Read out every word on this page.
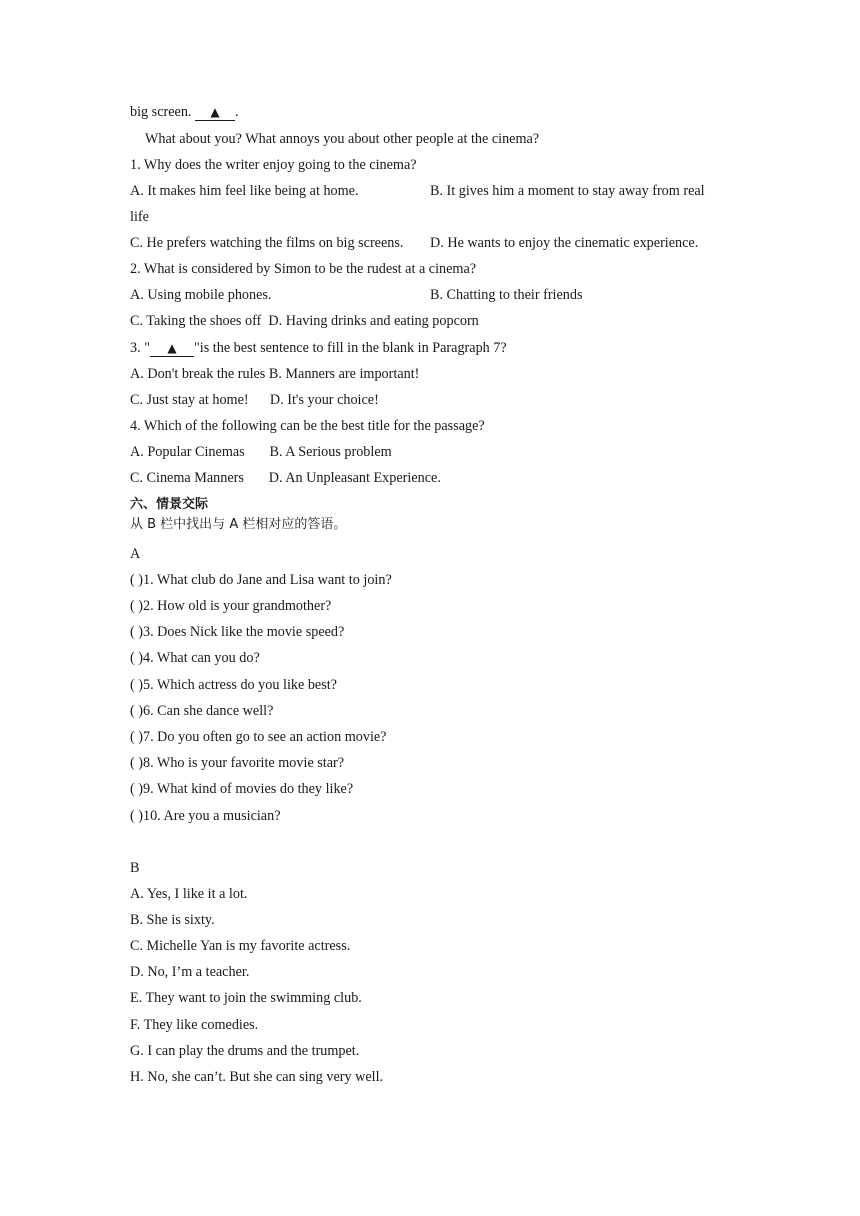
big screen. ▲ .
What about you? What annoys you about other people at the cinema?
1. Why does the writer enjoy going to the cinema?
A. It makes him feel like being at home.	B. It gives him a moment to stay away from real
life
C. He prefers watching the films on big screens. D. He wants to enjoy the cinematic experience.
2. What is considered by Simon to be the rudest at a cinema?
A. Using mobile phones.	B. Chatting to their friends
C. Taking the shoes off  D. Having drinks and eating popcorn
3. " ▲ "is the best sentence to fill in the blank in Paragraph 7?
A. Don't break the rules B. Manners are important!
C. Just stay at home!      D. It's your choice!
4. Which of the following can be the best title for the passage?
A. Popular Cinemas       B. A Serious problem
C. Cinema Manners       D. An Unpleasant Experience.
六、情景交际
从 B 栏中找出与 A 栏相对应的答语。
A
( )1. What club do Jane and Lisa want to join?
( )2. How old is your grandmother?
( )3. Does Nick like the movie speed?
( )4. What can you do?
( )5. Which actress do you like best?
( )6. Can she dance well?
( )7. Do you often go to see an action movie?
( )8. Who is your favorite movie star?
( )9. What kind of movies do they like?
( )10. Are you a musician?
B
A. Yes, I like it a lot.
B. She is sixty.
C. Michelle Yan is my favorite actress.
D. No, I’m a teacher.
E. They want to join the swimming club.
F. They like comedies.
G. I can play the drums and the trumpet.
H. No, she can’t. But she can sing very well.
